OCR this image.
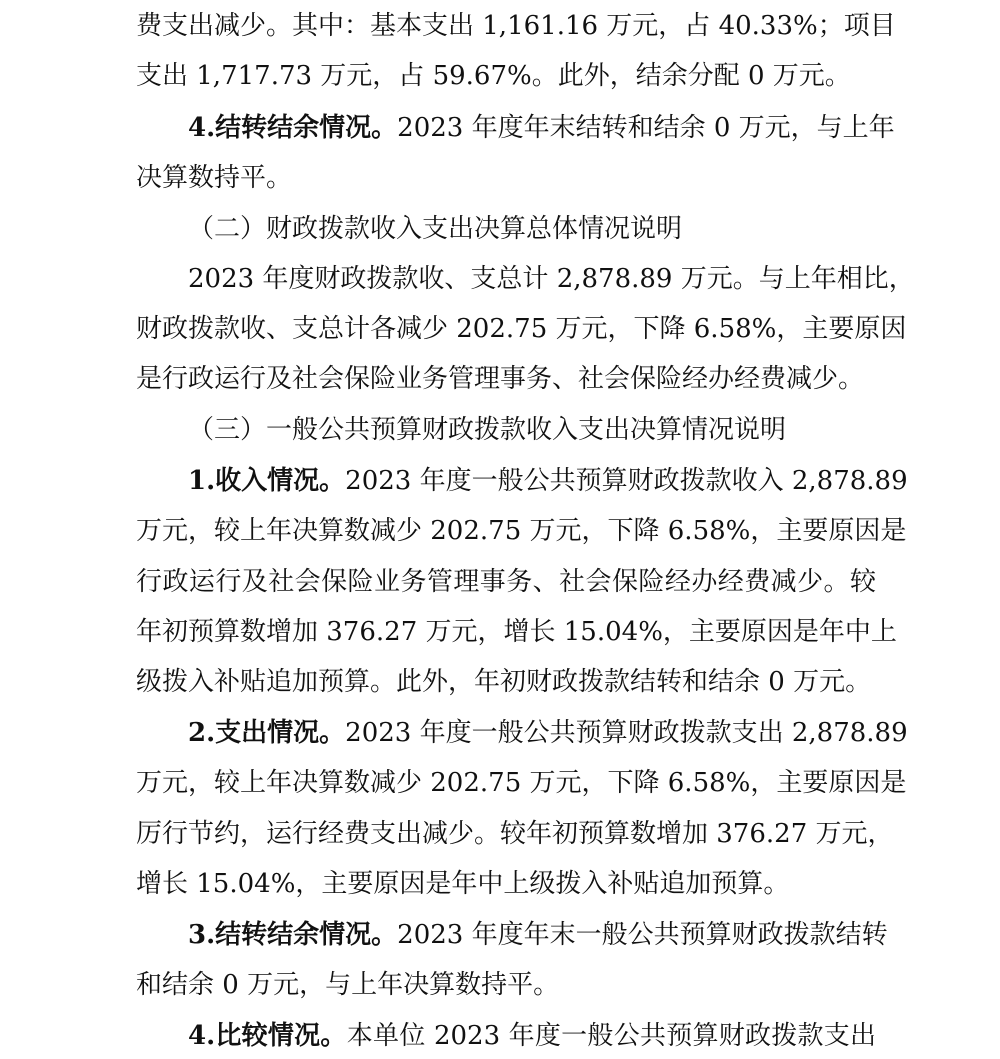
费支出减少。其中：基本支出 1,161.16 万元，占 40.33%；项目
支出 1,717.73 万元，占 59.67%。此外，结余分配 0 万元。
4.结转结余情况。2023 年度年末结转和结余 0 万元，与上年
决算数持平。
（二）财政拨款收入支出决算总体情况说明
2023 年度财政拨款收、支总计 2,878.89 万元。与上年相比，
财政拨款收、支总计各减少 202.75 万元，下降 6.58%，主要原因
是行政运行及社会保险业务管理事务、社会保险经办经费减少。
（三）一般公共预算财政拨款收入支出决算情况说明
1.收入情况。2023 年度一般公共预算财政拨款收入 2,878.89
万元，较上年决算数减少 202.75 万元，下降 6.58%，主要原因是
行政运行及社会保险业务管理事务、社会保险经办经费减少。较
年初预算数增加 376.27 万元，增长 15.04%，主要原因是年中上
级拨入补贴追加预算。此外，年初财政拨款结转和结余 0 万元。
2.支出情况。2023 年度一般公共预算财政拨款支出 2,878.89
万元，较上年决算数减少 202.75 万元，下降 6.58%，主要原因是
厉行节约，运行经费支出减少。较年初预算数增加 376.27 万元，
增长 15.04%，主要原因是年中上级拨入补贴追加预算。
3.结转结余情况。2023 年度年末一般公共预算财政拨款结转
和结余 0 万元，与上年决算数持平。
4.比较情况。本单位 2023 年度一般公共预算财政拨款支出
